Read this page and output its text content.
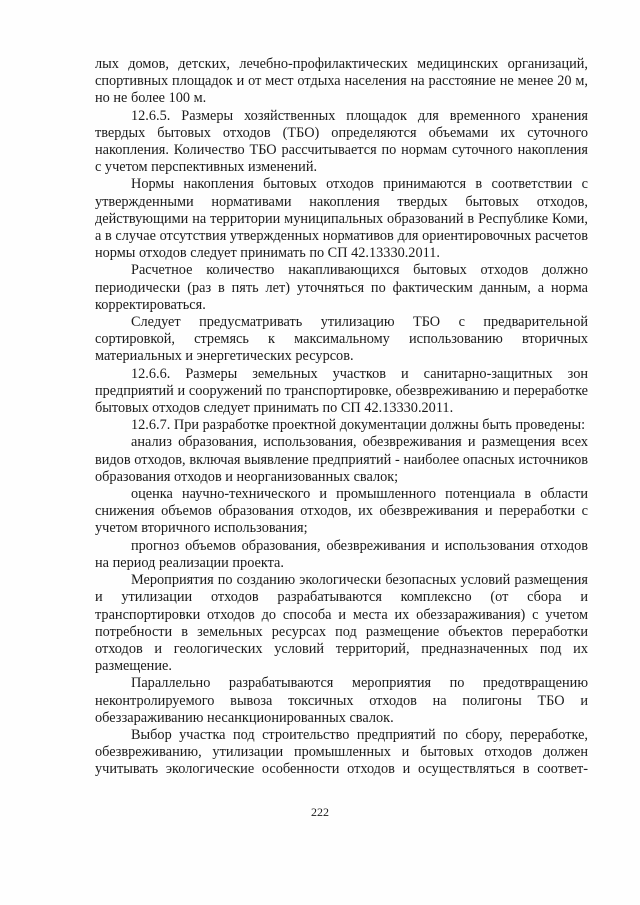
лых домов, детских, лечебно-профилактических медицинских организаций, спортивных площадок и от мест отдыха населения на расстояние не менее 20 м, но не более 100 м.

12.6.5. Размеры хозяйственных площадок для временного хранения твердых бытовых отходов (ТБО) определяются объемами их суточного накопления. Количество ТБО рассчитывается по нормам суточного накопления с учетом перспективных изменений.

Нормы накопления бытовых отходов принимаются в соответствии с утвержденными нормативами накопления твердых бытовых отходов, действующими на территории муниципальных образований в Республике Коми, а в случае отсутствия утвержденных нормативов для ориентировочных расчетов нормы отходов следует принимать по СП 42.13330.2011.

Расчетное количество накапливающихся бытовых отходов должно периодически (раз в пять лет) уточняться по фактическим данным, а норма корректироваться.

Следует предусматривать утилизацию ТБО с предварительной сортировкой, стремясь к максимальному использованию вторичных материальных и энергетических ресурсов.

12.6.6. Размеры земельных участков и санитарно-защитных зон предприятий и сооружений по транспортировке, обезвреживанию и переработке бытовых отходов следует принимать по СП 42.13330.2011.

12.6.7. При разработке проектной документации должны быть проведены:

анализ образования, использования, обезвреживания и размещения всех видов отходов, включая выявление предприятий - наиболее опасных источников образования отходов и неорганизованных свалок;

оценка научно-технического и промышленного потенциала в области снижения объемов образования отходов, их обезвреживания и переработки с учетом вторичного использования;

прогноз объемов образования, обезвреживания и использования отходов на период реализации проекта.

Мероприятия по созданию экологически безопасных условий размещения и утилизации отходов разрабатываются комплексно (от сбора и транспортировки отходов до способа и места их обеззараживания) с учетом потребности в земельных ресурсах под размещение объектов переработки отходов и геологических условий территорий, предназначенных под их размещение.

Параллельно разрабатываются мероприятия по предотвращению неконтролируемого вывоза токсичных отходов на полигоны ТБО и обеззараживанию несанкционированных свалок.

Выбор участка под строительство предприятий по сбору, переработке, обезвреживанию, утилизации промышленных и бытовых отходов должен учитывать экологические особенности отходов и осуществляться в соответ-

222
